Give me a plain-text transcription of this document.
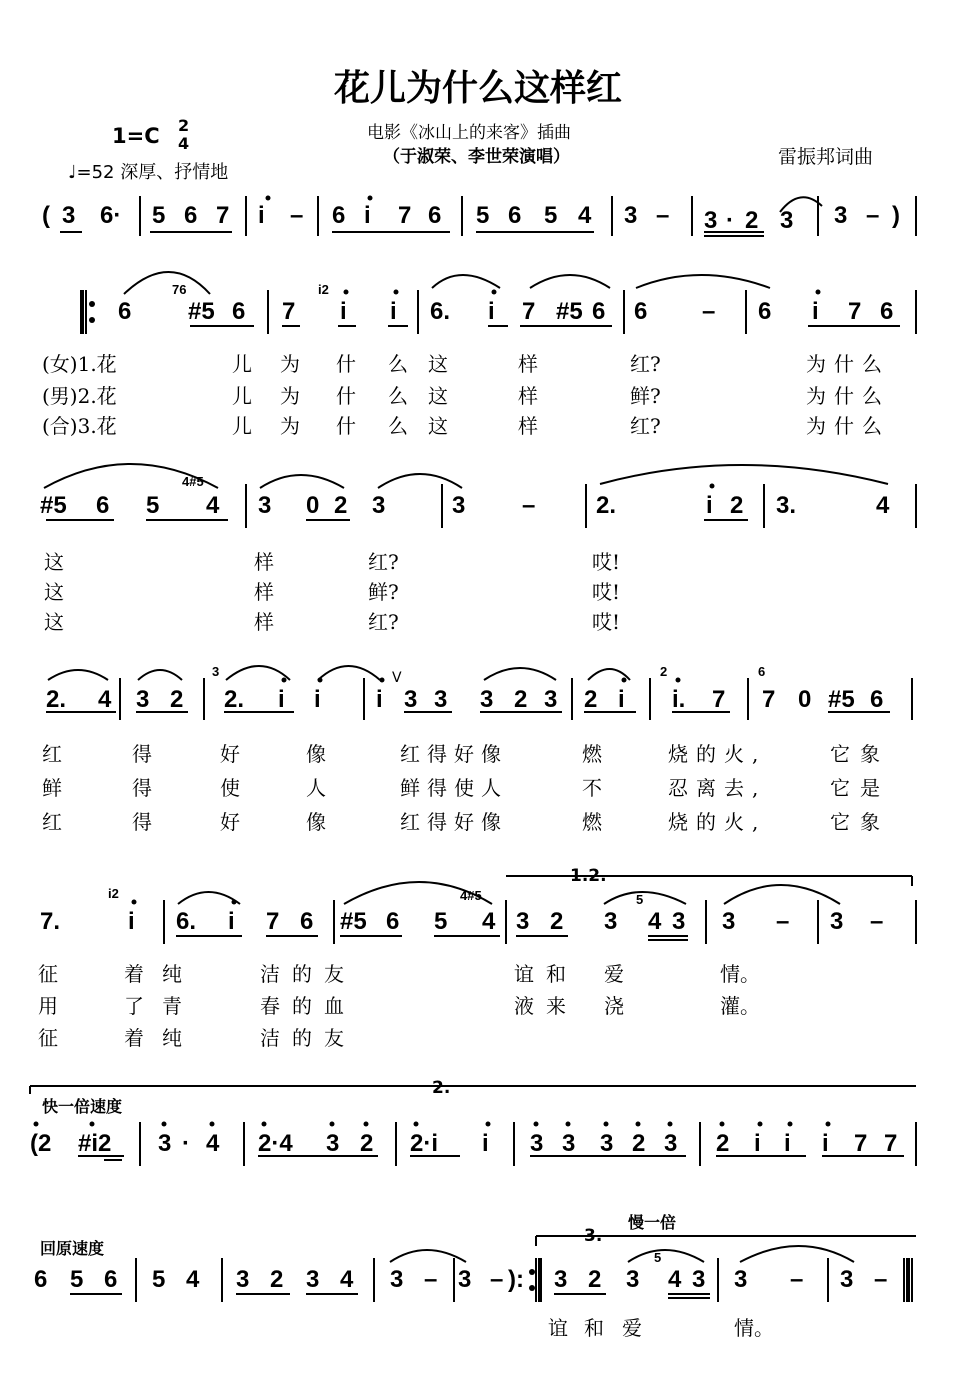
花儿为什么这样红
电影《冰山上的来客》插曲
（于淑荣、李世荣演唱）	雷振邦词曲
1=C 2
4
♩=52 深厚、抒情地
( 3 6· 5 6 7 i – 6 i 7 6 5 6 5 4 3 – 3 · 2 3 3 – )
6
76
#5 6 7
i2
i i 6. i 7 #5 6 6 – 6 i 7 6
(女)1.花	儿 为 什 么 这	样	红?	为什么
(男)2.花	儿 为 什 么 这	样	鲜?	为什么
(合)3.花	儿 为 什 么 这	样	红?	为什么
#5 6 5
4#5
4 3 0 2 3	3 –	2.	i 2 3.	4
这	样	红?	哎!
这	样	鲜?	哎!
这	样	红?	哎!
2. 4 3 2
3
2. i i i
V
3 3 3 2 3 2 i
2
i. 7
6
7 0 #5 6
红	得	好	像	红得好像	燃	烧的火,	它象
鲜	得	使	人	鲜得使人	不	忍离去,	它是
红	得	好	像	红得好像	燃	烧的火,	它象
1.2.
7.
i2
i 6. i 7 6 #5 6 5
4#5
4 3 2 3
5
4 3 3 – 3 –
征	着纯	洁的友	谊和 爱	情。
用	了青	春的血	液来 浇	灌。
征	着纯	洁的友
2.
快一倍速度
(2 #i2 3 · 4 2·4 3 2 2·i i 3 3 3 2 3 2 i i i 7 7
回原速度
3.
慢一倍
6 5 6 5 4 3 2 3 4 3 – 3 – ): 3 2 3
5
4 3 3 – 3 –
谊 和 爱	情。
